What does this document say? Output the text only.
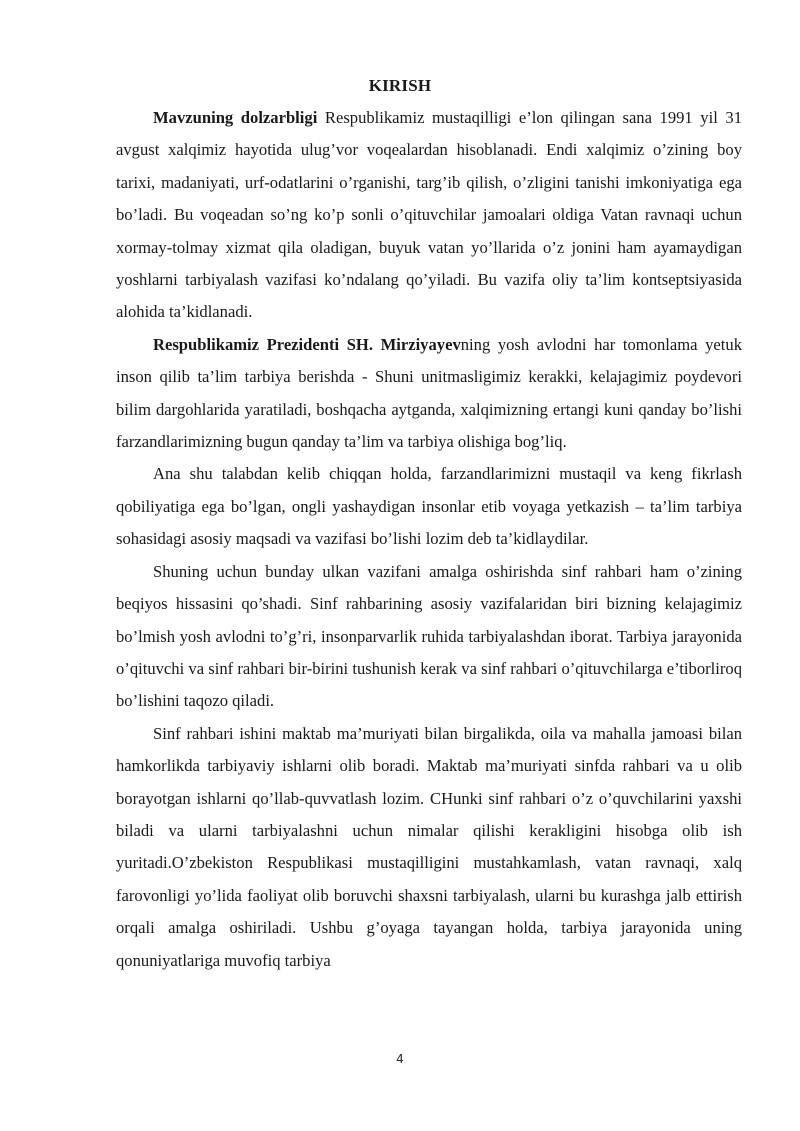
KIRISH

Mavzuning dolzarbligi Respublikamiz mustaqilligi e’lon qilingan sana 1991 yil 31 avgust xalqimiz hayotida ulug’vor voqealardan hisoblanadi. Endi xalqimiz o’zining boy tarixi, madaniyati, urf-odatlarini o’rganishi, targ’ib qilish, o’zligini tanishi imkoniyatiga ega bo’ladi. Bu voqeadan so’ng ko’p sonli o’qituvchilar jamoalari oldiga Vatan ravnaqi uchun xormay-tolmay xizmat qila oladigan, buyuk vatan yo’llarida o’z jonini ham ayamaydigan yoshlarni tarbiyalash vazifasi ko’ndalang qo’yiladi. Bu vazifa oliy ta’lim kontseptsiyasida alohida ta’kidlanadi.

Respublikamiz Prezidenti SH. Mirziyayevning yosh avlodni har tomonlama yetuk inson qilib ta’lim tarbiya berishda - Shuni unitmasligimiz kerakki, kelajagimiz poydevori bilim dargohlarida yaratiladi, boshqacha aytganda, xalqimizning ertangi kuni qanday bo’lishi farzandlarimizning bugun qanday ta’lim va tarbiya olishiga bog’liq.

Ana shu talabdan kelib chiqqan holda, farzandlarimizni mustaqil va keng fikrlash qobiliyatiga ega bo’lgan, ongli yashaydigan insonlar etib voyaga yetkazish – ta’lim tarbiya sohasidagi asosiy maqsadi va vazifasi bo’lishi lozim deb ta’kidlaydilar.

Shuning uchun bunday ulkan vazifani amalga oshirishda sinf rahbari ham o’zining beqiyos hissasini qo’shadi. Sinf rahbarining asosiy vazifalaridan biri bizning kelajagimiz bo’lmish yosh avlodni to’g’ri, insonparvarlik ruhida tarbiyalashdan iborat. Tarbiya jarayonida o’qituvchi va sinf rahbari bir-birini tushunish kerak va sinf rahbari o’qituvchilarga e’tiborliroq bo’lishini taqozo qiladi.

Sinf rahbari ishini maktab ma’muriyati bilan birgalikda, oila va mahalla jamoasi bilan hamkorlikda tarbiyaviy ishlarni olib boradi. Maktab ma’muriyati sinfda rahbari va u olib borayotgan ishlarni qo’llab-quvvatlash lozim. CHunki sinf rahbari o’z o’quvchilarini yaxshi biladi va ularni tarbiyalashni uchun nimalar qilishi kerakligini hisobga olib ish yuritadi.O’zbekiston Respublikasi mustaqilligini mustahkamlash, vatan ravnaqi, xalq farovonligi yo’lida faoliyat olib boruvchi shaxsni tarbiyalash, ularni bu kurashga jalb ettirish orqali amalga oshiriladi. Ushbu g’oyaga tayangan holda, tarbiya jarayonida uning qonuniyatlariga muvofiq tarbiya

4
